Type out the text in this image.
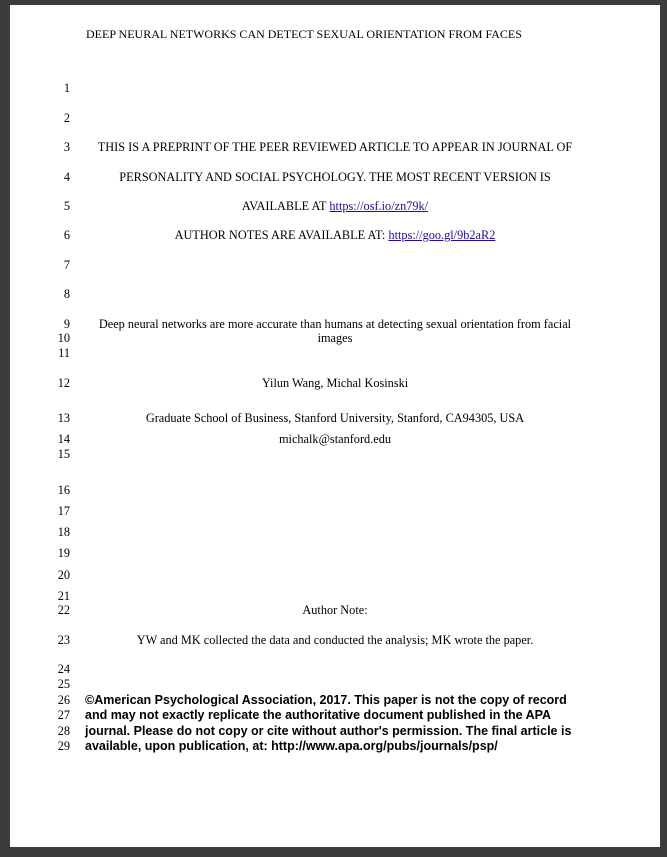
DEEP NEURAL NETWORKS CAN DETECT SEXUAL ORIENTATION FROM FACES
1
2
3
4
5
6
7
8
9
10
11
12
13
14
15
16
17
18
19
20
21
22
23
24
25
26
27
28
29
THIS IS A PREPRINT OF THE PEER REVIEWED ARTICLE TO APPEAR IN JOURNAL OF
PERSONALITY AND SOCIAL PSYCHOLOGY. THE MOST RECENT VERSION IS
AVAILABLE AT https://osf.io/zn79k/
AUTHOR NOTES ARE AVAILABLE AT: https://goo.gl/9b2aR2
Deep neural networks are more accurate than humans at detecting sexual orientation from facial
images
Yilun Wang, Michal Kosinski
Graduate School of Business, Stanford University, Stanford, CA94305, USA
michalk@stanford.edu
Author Note:
YW and MK collected the data and conducted the analysis; MK wrote the paper.
©American Psychological Association, 2017. This paper is not the copy of record
and may not exactly replicate the authoritative document published in the APA
journal. Please do not copy or cite without author's permission. The final article is
available, upon publication, at: http://www.apa.org/pubs/journals/psp/
